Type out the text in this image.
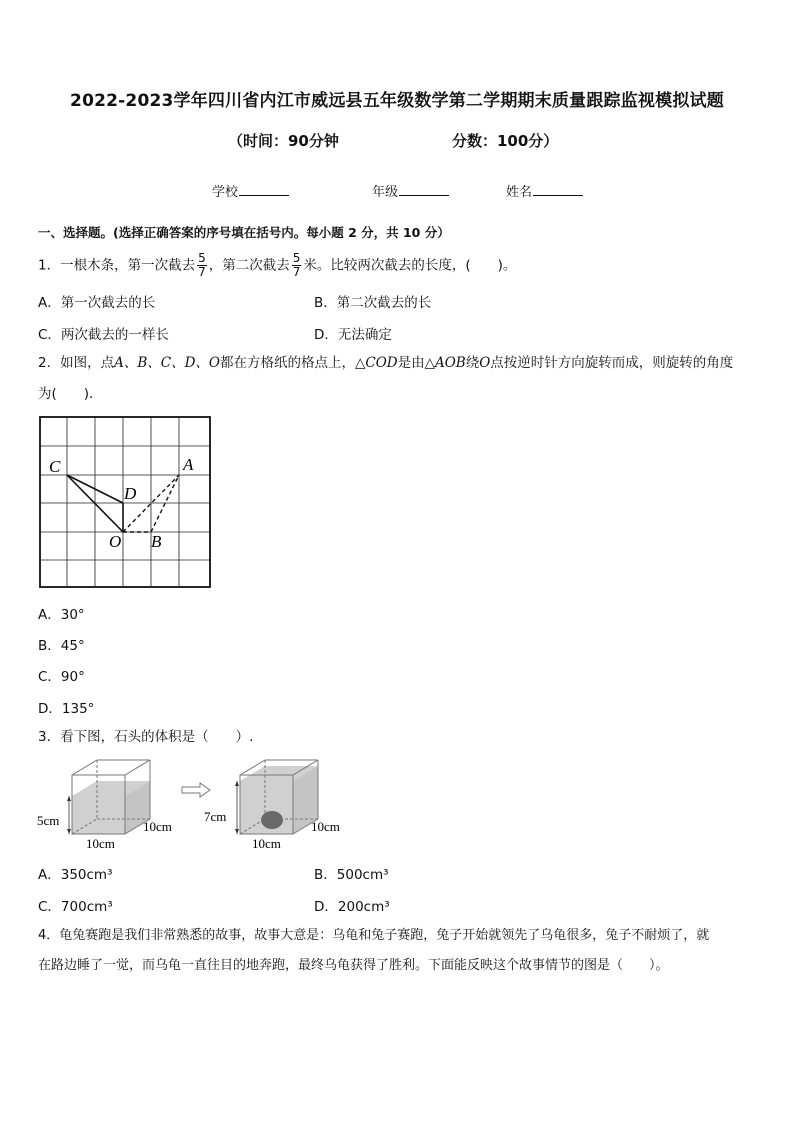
2022-2023学年四川省内江市威远县五年级数学第二学期期末质量跟踪监视模拟试题
（时间：90分钟	分数：100分）
学校	年级	姓名
一、选择题。(选择正确答案的序号填在括号内。每小题 2 分，共 10 分）
1．一根木条，第一次截去 $\frac{5}{7}$ ，第二次截去 $\frac{5}{7}$ 米。比较两次截去的长度，(　　)。
A．第一次截去的长	B．第二次截去的长
C．两次截去的一样长	D．无法确定
2．如图，点A、B、C、D、O都在方格纸的格点上，△COD是由△AOB绕O点按逆时针方向旋转而成，则旋转的角度
为(　　)．
C	A
D
O B
A．30°
B．45°
C．90°
D．135°
3．看下图，石头的体积是（　　）.
5cm	10cm
10cm
7cm
10cm
10cm
A．350cm³	B．500cm³
C．700cm³	D．200cm³
4．龟兔赛跑是我们非常熟悉的故事，故事大意是：乌龟和兔子赛跑，兔子开始就领先了乌龟很多，兔子不耐烦了，就
在路边睡了一觉，而乌龟一直往目的地奔跑，最终乌龟获得了胜利。下面能反映这个故事情节的图是（　　）。
